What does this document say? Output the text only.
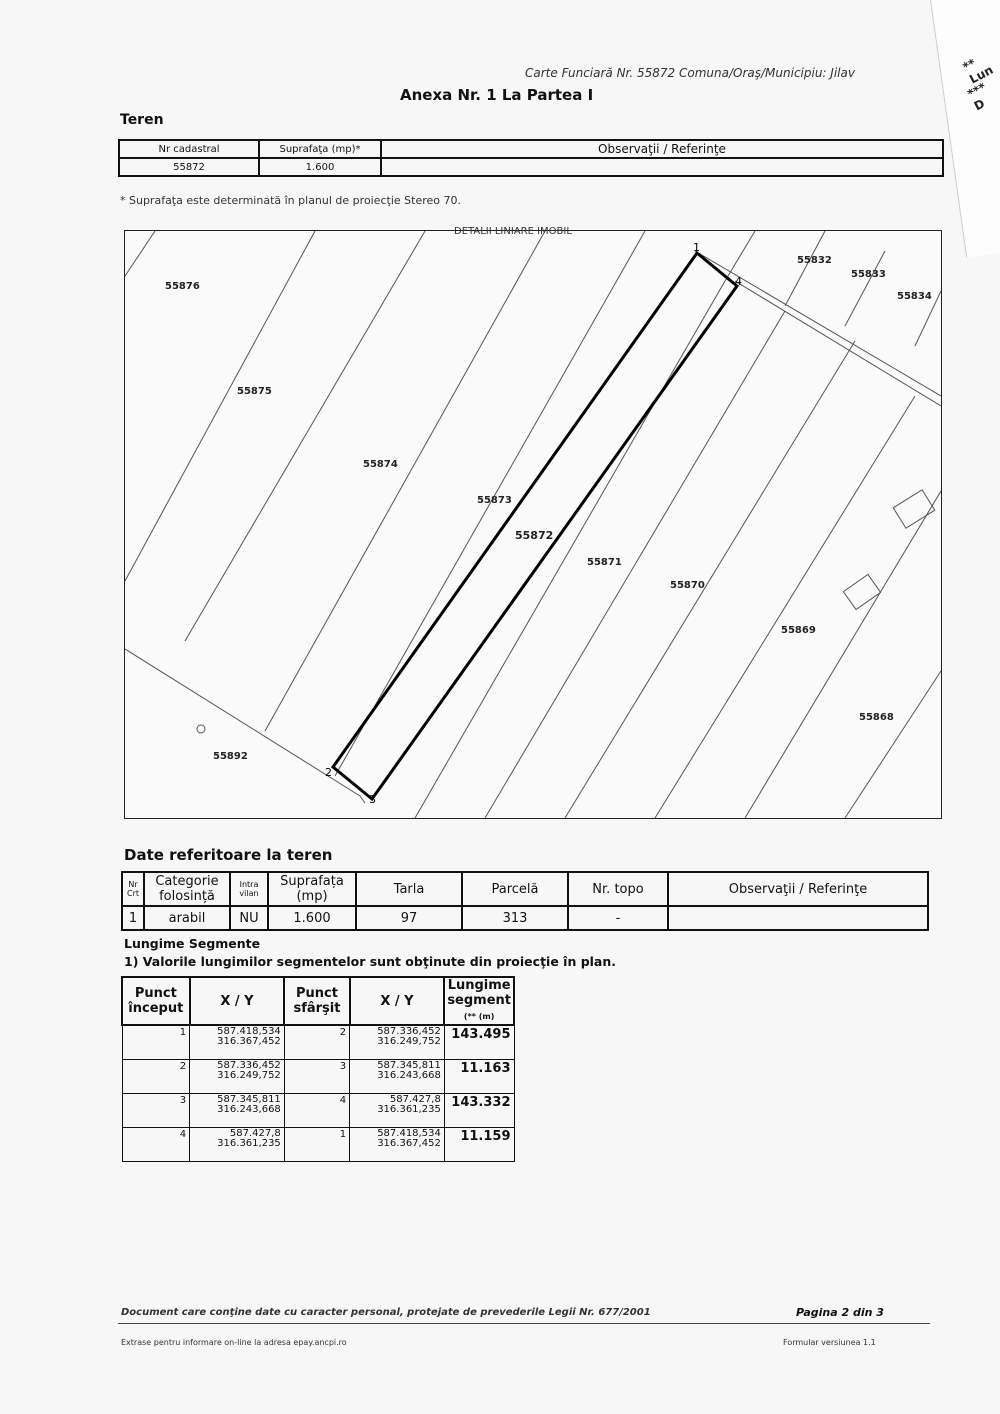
** Lun
*** D
Carte Funciară Nr. 55872 Comuna/Oraş/Municipiu: Jilav
Anexa Nr. 1 La Partea I
Teren
Nr cadastral	Suprafaţa (mp)*	Observaţii / Referinţe
55872	1.600	
* Suprafaţa este determinată în planul de proiecţie Stereo 70.
55876
55875
55874
55873
55872
55871
55870
55869
55868
55892
55832
55833
55834
1
2
3
4
DETALII LINIARE IMOBIL
Date referitoare la teren
Nr Crt	Categorie folosință	Intra vilan	Suprafața (mp)	Tarla	Parcelă	Nr. topo	Observaţii / Referinţe
1	arabil	NU	1.600	97	313	-	
Lungime Segmente
1) Valorile lungimilor segmentelor sunt obţinute din proiecţie în plan.
Punct început	X / Y	Punct sfârşit	X / Y	Lungime segment (** (m)
1	587.418,534
316.367,452	2	587.336,452
316.249,752	143.495
2	587.336,452
316.249,752	3	587.345,811
316.243,668	11.163
3	587.345,811
316.243,668	4	587.427,8
316.361,235	143.332
4	587.427,8
316.361,235	1	587.418,534
316.367,452	11.159
Document care conţine date cu caracter personal, protejate de prevederile Legii Nr. 677/2001	Pagina 2 din 3
Extrase pentru informare on-line la adresa epay.ancpi.ro	Formular versiunea 1.1
